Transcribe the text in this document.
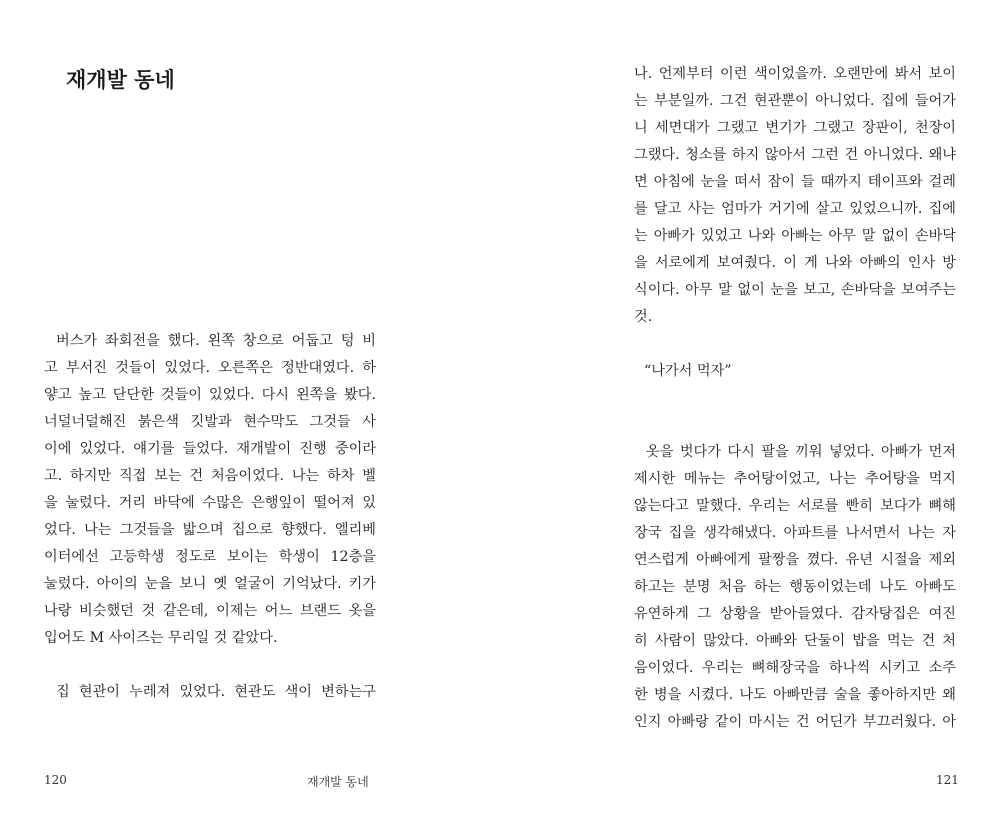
재개발 동네
버스가 좌회전을 했다. 왼쪽 창으로 어둡고 텅 비
고 부서진 것들이 있었다. 오른쪽은 정반대였다. 하
얗고 높고 단단한 것들이 있었다. 다시 왼쪽을 봤다.
너덜너덜해진 붉은색 깃발과 현수막도 그것들 사
이에 있었다. 얘기를 들었다. 재개발이 진행 중이라
고. 하지만 직접 보는 건 처음이었다. 나는 하차 벨
을 눌렀다. 거리 바닥에 수많은 은행잎이 떨어져 있
었다. 나는 그것들을 밟으며 집으로 향했다. 엘리베
이터에선 고등학생 정도로 보이는 학생이 12층을
눌렀다. 아이의 눈을 보니 옛 얼굴이 기억났다. 키가
나랑 비슷했던 것 같은데, 이제는 어느 브랜드 옷을
입어도 M 사이즈는 무리일 것 같았다.
집 현관이 누레져 있었다. 현관도 색이 변하는구
120	재개발 동네
나. 언제부터 이런 색이었을까. 오랜만에 봐서 보이
는 부분일까. 그건 현관뿐이 아니었다. 집에 들어가
니 세면대가 그랬고 변기가 그랬고 장판이, 천장이
그랬다. 청소를 하지 않아서 그런 건 아니었다. 왜냐
면 아침에 눈을 떠서 잠이 들 때까지 테이프와 걸레
를 달고 사는 엄마가 거기에 살고 있었으니까. 집에
는 아빠가 있었고 나와 아빠는 아무 말 없이 손바닥
을 서로에게 보여줬다. 이 게 나와 아빠의 인사 방
식이다. 아무 말 없이 눈을 보고, 손바닥을 보여주는
것.
“나가서 먹자”
옷을 벗다가 다시 팔을 끼워 넣었다. 아빠가 먼저
제시한 메뉴는 추어탕이었고, 나는 추어탕을 먹지
않는다고 말했다. 우리는 서로를 빤히 보다가 뼈해
장국 집을 생각해냈다. 아파트를 나서면서 나는 자
연스럽게 아빠에게 팔짱을 꼈다. 유년 시절을 제외
하고는 분명 처음 하는 행동이었는데 나도 아빠도
유연하게 그 상황을 받아들였다. 감자탕집은 여진
히 사람이 많았다. 아빠와 단둘이 밥을 먹는 건 처
음이었다. 우리는 뼈해장국을 하나씩 시키고 소주
한 병을 시켰다. 나도 아빠만큼 술을 좋아하지만 왜
인지 아빠랑 같이 마시는 건 어딘가 부끄러웠다. 아
121
